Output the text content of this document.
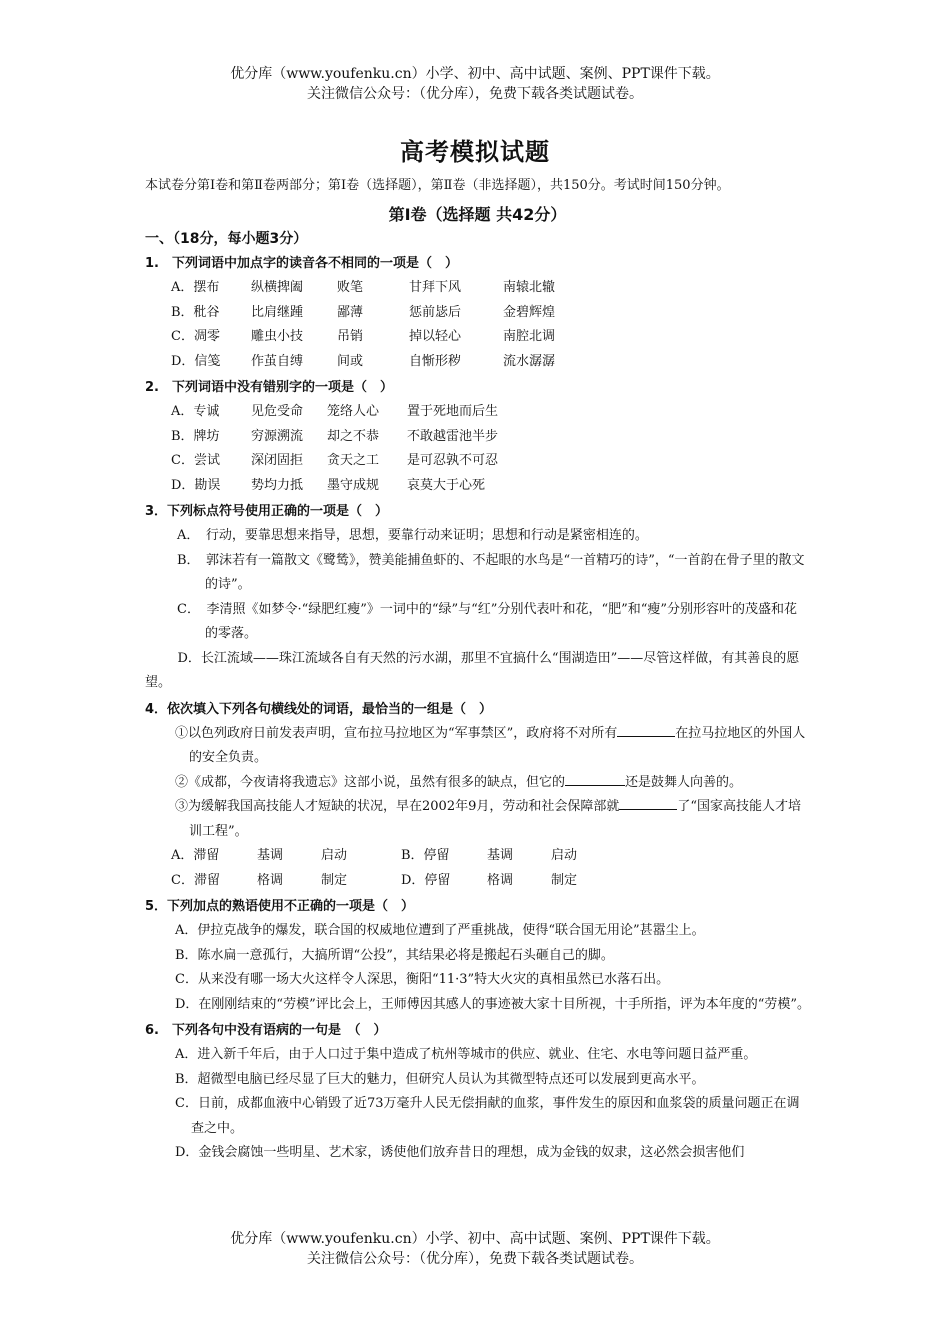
优分库（www.youfenku.cn）小学、初中、高中试题、案例、PPT课件下载。
关注微信公众号：（优分库），免费下载各类试题试卷。
高考模拟试题
本试卷分第Ⅰ卷和第Ⅱ卷两部分；第Ⅰ卷（选择题），第Ⅱ卷（非选择题），共150分。考试时间150分钟。
第Ⅰ卷（选择题 共42分）
一、（18分，每小题3分）
1.　下列词语中加点字的读音各不相同的一项是（　）
A．摆布	纵横捭阖	败笔	甘拜下风	南辕北辙
B．秕谷	比肩继踵	鄙薄	惩前毖后	金碧辉煌
C．凋零	雕虫小技	吊销	掉以轻心	南腔北调
D．信笺	作茧自缚	间或	自惭形秽	流水潺潺
2.　下列词语中没有错别字的一项是（　）
A．专诚	见危受命	笼络人心	置于死地而后生
B．牌坊	穷源溯流	却之不恭	不敢越雷池半步
C．尝试	深闭固拒	贪天之工	是可忍孰不可忍
D．勘误	势均力抵	墨守成规	哀莫大于心死
3．下列标点符号使用正确的一项是（　）
A．　行动，要靠思想来指导，思想，要靠行动来证明；思想和行动是紧密相连的。
B．　郭沫若有一篇散文《鹭鸶》，赞美能捕鱼虾的、不起眼的水鸟是“一首精巧的诗”，“一首韵在骨子里的散文的诗”。
C．　李清照《如梦令·“绿肥红瘦”》一词中的“绿”与“红”分别代表叶和花，“肥”和“瘦”分别形容叶的茂盛和花的零落。
D．长江流域——珠江流域各自有天然的污水湖，那里不宜搞什么“围湖造田”——尽管这样做，有其善良的愿望。
4．依次填入下列各句横线处的词语，最恰当的一组是（　）
①以色列政府日前发表声明，宣布拉马拉地区为“军事禁区”，政府将不对所有	在拉马拉地区的外国人的安全负责。
②《成都，今夜请将我遗忘》这部小说，虽然有很多的缺点，但它的	还是鼓舞人向善的。
③为缓解我国高技能人才短缺的状况，早在2002年9月，劳动和社会保障部就	了“国家高技能人才培训工程”。
A．滞留	基调	启动	B．停留	基调	启动
C．滞留	格调	制定	D．停留	格调	制定
5．下列加点的熟语使用不正确的一项是（　）
A．伊拉克战争的爆发，联合国的权威地位遭到了严重挑战，使得“联合国无用论”甚嚣尘上。
B．陈水扁一意孤行，大搞所谓“公投”，其结果必将是搬起石头砸自己的脚。
C．从来没有哪一场大火这样令人深思，衡阳“11·3”特大火灾的真相虽然已水落石出。
D．在刚刚结束的“劳模”评比会上，王师傅因其感人的事迹被大家十目所视，十手所指，评为本年度的“劳模”。
6.　下列各句中没有语病的一句是　（　）
A．进入新千年后，由于人口过于集中造成了杭州等城市的供应、就业、住宅、水电等问题日益严重。
B．超微型电脑已经尽显了巨大的魅力，但研究人员认为其微型特点还可以发展到更高水平。
C．日前，成都血液中心销毁了近73万毫升人民无偿捐献的血浆，事件发生的原因和血浆袋的质量问题正在调查之中。
D．金钱会腐蚀一些明星、艺术家，诱使他们放弃昔日的理想，成为金钱的奴隶，这必然会损害他们
优分库（www.youfenku.cn）小学、初中、高中试题、案例、PPT课件下载。
关注微信公众号：（优分库），免费下载各类试题试卷。
